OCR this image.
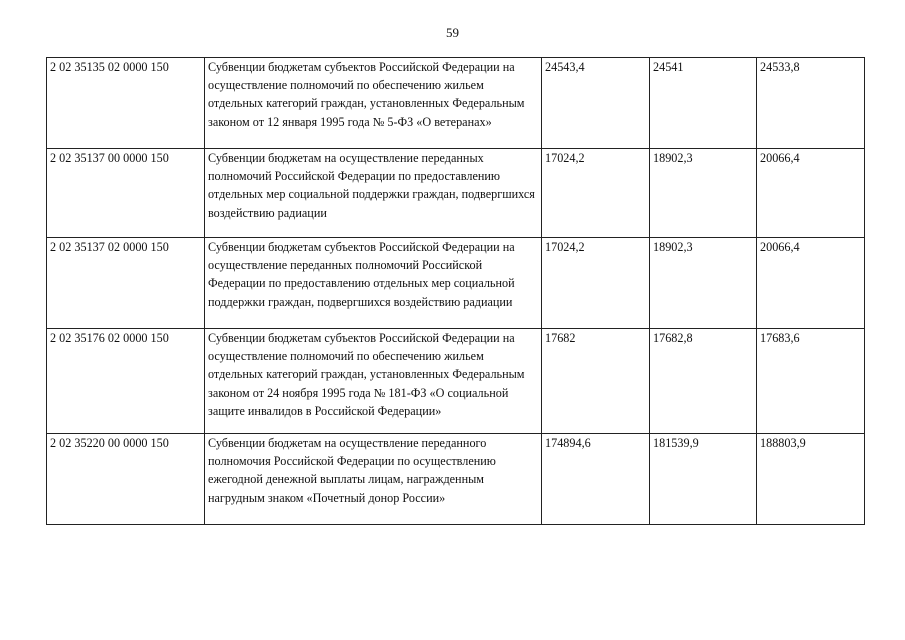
59
2 02 35135 02 0000 150	Субвенции бюджетам субъектов Российской Федерации на осуществление полномочий по обеспечению жильем отдельных категорий граждан, установленных Федеральным законом от 12 января 1995 года № 5-ФЗ «О ветеранах»	24543,4	24541	24533,8
2 02 35137 00 0000 150	Субвенции бюджетам на осуществление переданных полномочий Российской Федерации по предоставлению отдельных мер социальной поддержки граждан, подвергшихся воздействию радиации	17024,2	18902,3	20066,4
2 02 35137 02 0000 150	Субвенции бюджетам субъектов Российской Федерации на осуществление переданных полномочий Российской Федерации по предоставлению отдельных мер социальной поддержки граждан, подвергшихся воздействию радиации	17024,2	18902,3	20066,4
2 02 35176 02 0000 150	Субвенции бюджетам субъектов Российской Федерации на осуществление полномочий по обеспечению жильем отдельных категорий граждан, установленных Федеральным законом от 24 ноября 1995 года № 181-ФЗ «О социальной защите инвалидов в Российской Федерации»	17682	17682,8	17683,6
2 02 35220 00 0000 150	Субвенции бюджетам на осуществление переданного полномочия Российской Федерации по осуществлению ежегодной денежной выплаты лицам, награжденным нагрудным знаком «Почетный донор России»	174894,6	181539,9	188803,9
